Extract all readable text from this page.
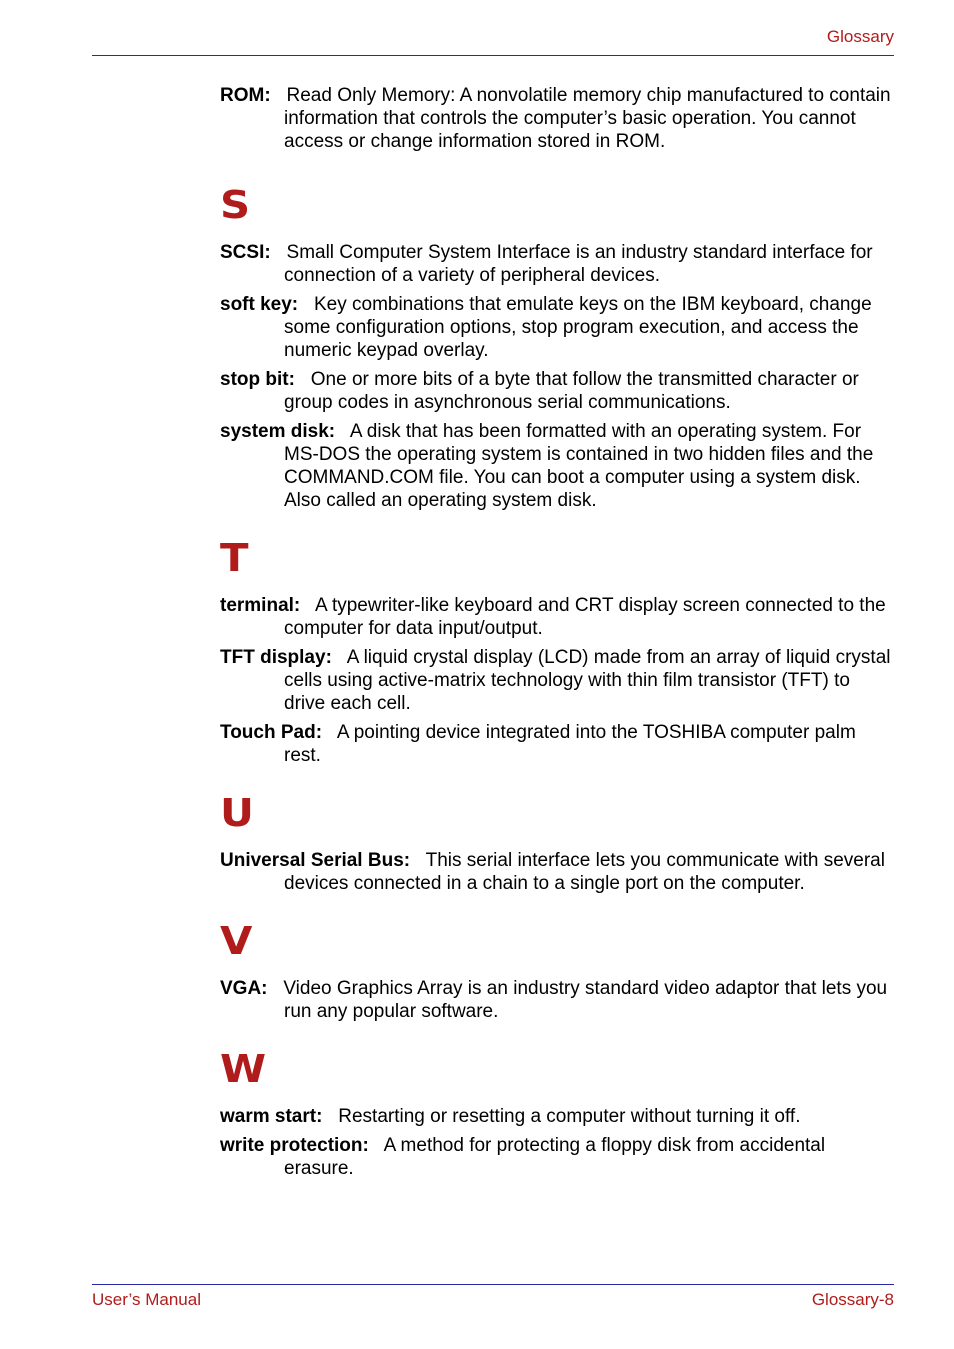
Glossary
ROM:   Read Only Memory: A nonvolatile memory chip manufactured to contain information that controls the computer’s basic operation. You cannot access or change information stored in ROM.
S
SCSI:   Small Computer System Interface is an industry standard interface for connection of a variety of peripheral devices.
soft key:   Key combinations that emulate keys on the IBM keyboard, change some configuration options, stop program execution, and access the numeric keypad overlay.
stop bit:   One or more bits of a byte that follow the transmitted character or group codes in asynchronous serial communications.
system disk:   A disk that has been formatted with an operating system. For MS-DOS the operating system is contained in two hidden files and the COMMAND.COM file. You can boot a computer using a system disk. Also called an operating system disk.
T
terminal:   A typewriter-like keyboard and CRT display screen connected to the computer for data input/output.
TFT display:   A liquid crystal display (LCD) made from an array of liquid crystal cells using active-matrix technology with thin film transistor (TFT) to drive each cell.
Touch Pad:   A pointing device integrated into the TOSHIBA computer palm rest.
U
Universal Serial Bus:   This serial interface lets you communicate with several devices connected in a chain to a single port on the computer.
V
VGA:   Video Graphics Array is an industry standard video adaptor that lets you run any popular software.
W
warm start:   Restarting or resetting a computer without turning it off.
write protection:   A method for protecting a floppy disk from accidental erasure.
User’s Manual	Glossary-8
